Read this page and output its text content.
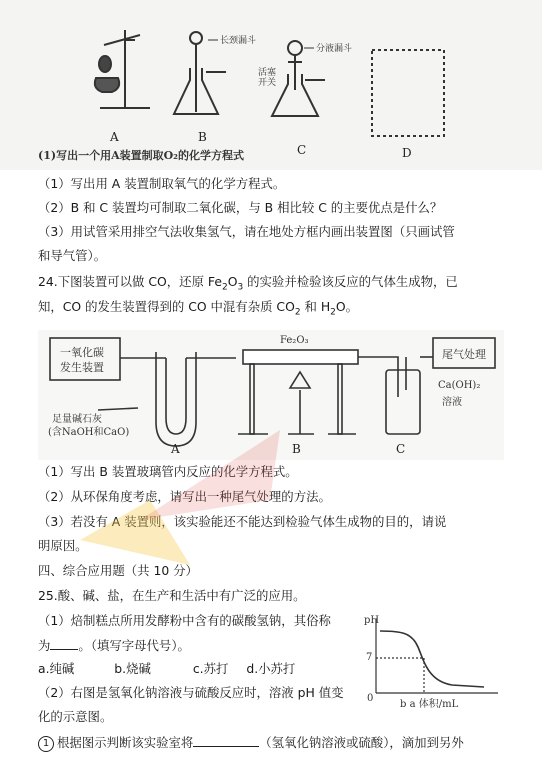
长颈漏斗
分液漏斗
活塞开关
A	B
C	D
(1)写出一个用A装置制取O₂的化学方程式
（1）写出用 A 装置制取氧气的化学方程式。
（2）B 和 C 装置均可制取二氧化碳，与 B 相比较 C 的主要优点是什么？
（3）用试管采用排空气法收集氢气，请在地处方框内画出装置图（只画试管
和导气管）。
24.下图装置可以做 CO，还原 $Fe_2O_3$ 的实验并检验该反应的气体生成物，已
知，CO 的发生装置得到的 CO 中混有杂质 $CO_2$ 和 $H_2O$。
一氧化碳
发生装置
Fe₂O₃
尾气处理
Ca(OH)₂
溶液
足量碱石灰
(含NaOH和CaO)
A	B	C
（1）写出 B 装置玻璃管内反应的化学方程式。
（2）从环保角度考虑，请写出一种尾气处理的方法。
（3）若没有 A 装置则，该实验能还不能达到检验气体生成物的目的，请说
明原因。
四、综合应用题（共 10 分）
25.酸、碱、盐，在生产和生活中有广泛的应用。
（1）焙制糕点所用发酵粉中含有的碳酸氢钠，其俗称
为 。（填写字母代号）。
a.纯碱	b.烧碱	c.苏打 d.小苏打
（2）右图是氢氧化钠溶液与硫酸反应时，溶液 pH 值变
化的示意图。
1 根据图示判断该实验室将	（氢氧化钠溶液或硫酸），滴加到另外
pH
7
0
b a 体积/mL
